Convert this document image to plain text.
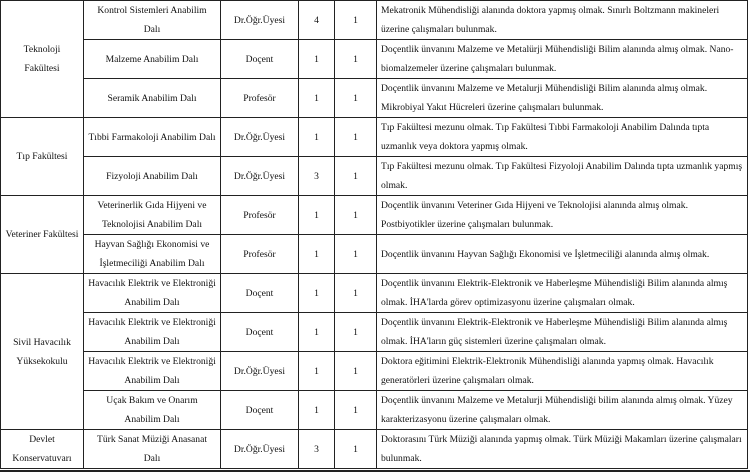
Teknoloji Fakültesi	Kontrol Sistemleri Anabilim Dalı	Dr.Öğr.Üyesi	4	1	Mekatronik Mühendisliği alanında doktora yapmış olmak. Sınırlı Boltzmann makineleri üzerine çalışmaları bulunmak.
	Malzeme Anabilim Dalı	Doçent	1	1	Doçentlik ünvanını Malzeme ve Metalürji Mühendisliği Bilim alanında almış olmak. Nano-biomalzemeler üzerine çalışmaları bulunmak.
	Seramik Anabilim Dalı	Profesör	1	1	Doçentlik ünvanını Malzeme ve Metalurji Mühendisliği Bilim alanında almış olmak. Mikrobiyal Yakıt Hücreleri üzerine çalışmaları bulunmak.
Tıp Fakültesi	Tıbbi Farmakoloji Anabilim Dalı	Dr.Öğr.Üyesi	1	1	Tıp Fakültesi mezunu olmak. Tıp Fakültesi Tıbbi Farmakoloji Anabilim Dalında tıpta uzmanlık veya doktora yapmış olmak.
	Fizyoloji Anabilim Dalı	Dr.Öğr.Üyesi	3	1	Tıp Fakültesi mezunu olmak. Tıp Fakültesi Fizyoloji Anabilim Dalında tıpta uzmanlık yapmış olmak.
Veteriner Fakültesi	Veterinerlik Gıda Hijyeni ve Teknolojisi Anabilim Dalı	Profesör	1	1	Doçentlik ünvanını Veteriner Gıda Hijyeni ve Teknolojisi alanında almış olmak. Postbiyotikler üzerine çalışmaları bulunmak.
	Hayvan Sağlığı Ekonomisi ve İşletmeciliği Anabilim Dalı	Profesör	1	1	Doçentlik ünvanını Hayvan Sağlığı Ekonomisi ve İşletmeciliği alanında almış olmak.
Sivil Havacılık Yüksekokulu	Havacılık Elektrik ve Elektroniği Anabilim Dalı	Doçent	1	1	Doçentlik ünvanını Elektrik-Elektronik ve Haberleşme Mühendisliği Bilim alanında almış olmak. İHA'larda görev optimizasyonu üzerine çalışmaları olmak.
	Havacılık Elektrik ve Elektroniği Anabilim Dalı	Doçent	1	1	Doçentlik ünvanını Elektrik-Elektronik ve Haberleşme Mühendisliği Bilim alanında almış olmak. İHA'ların güç sistemleri üzerine çalışmaları olmak.
	Havacılık Elektrik ve Elektroniği Anabilim Dalı	Dr.Öğr.Üyesi	1	1	Doktora eğitimini Elektrik-Elektronik Mühendisliği alanında yapmış olmak. Havacılık generatörleri üzerine çalışmaları olmak.
	Uçak Bakım ve Onarım Anabilim Dalı	Doçent	1	1	Doçentlik ünvanını Malzeme ve Metalurji Mühendisliği bilim alanında almış olmak. Yüzey karakterizasyonu üzerine çalışmaları olmak.
Devlet Konservatuvarı	Türk Sanat Müziği Anasanat Dalı	Dr.Öğr.Üyesi	3	1	Doktorasını Türk Müziği alanında yapmış olmak. Türk Müziği Makamları üzerine çalışmaları bulunmak.
